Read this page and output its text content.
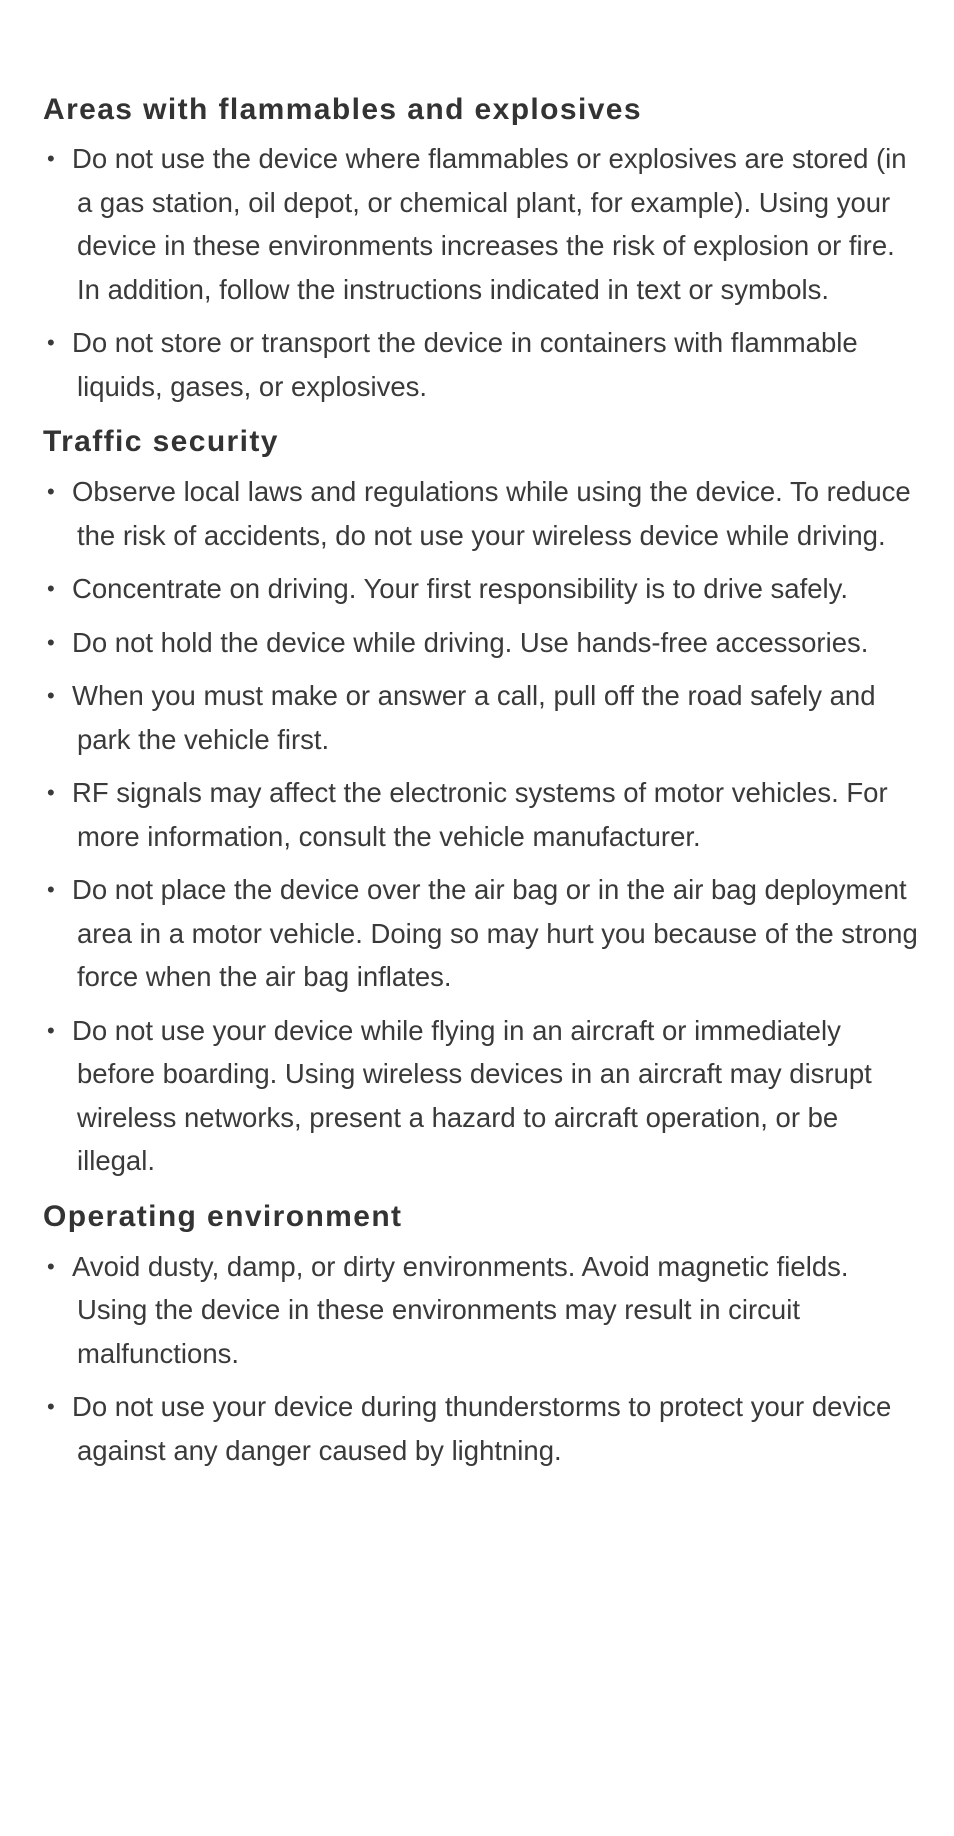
Areas with flammables and explosives
• Do not use the device where flammables or explosives are stored (in a gas station, oil depot, or chemical plant, for example). Using your device in these environments increases the risk of explosion or fire. In addition, follow the instructions indicated in text or symbols.
• Do not store or transport the device in containers with flammable liquids, gases, or explosives.
Traffic security
• Observe local laws and regulations while using the device. To reduce the risk of accidents, do not use your wireless device while driving.
• Concentrate on driving. Your first responsibility is to drive safely.
• Do not hold the device while driving. Use hands-free accessories.
• When you must make or answer a call, pull off the road safely and park the vehicle first.
• RF signals may affect the electronic systems of motor vehicles. For more information, consult the vehicle manufacturer.
• Do not place the device over the air bag or in the air bag deployment area in a motor vehicle. Doing so may hurt you because of the strong force when the air bag inflates.
• Do not use your device while flying in an aircraft or immediately before boarding. Using wireless devices in an aircraft may disrupt wireless networks, present a hazard to aircraft operation, or be illegal.
Operating environment
• Avoid dusty, damp, or dirty environments. Avoid magnetic fields. Using the device in these environments may result in circuit malfunctions.
• Do not use your device during thunderstorms to protect your device against any danger caused by lightning.
